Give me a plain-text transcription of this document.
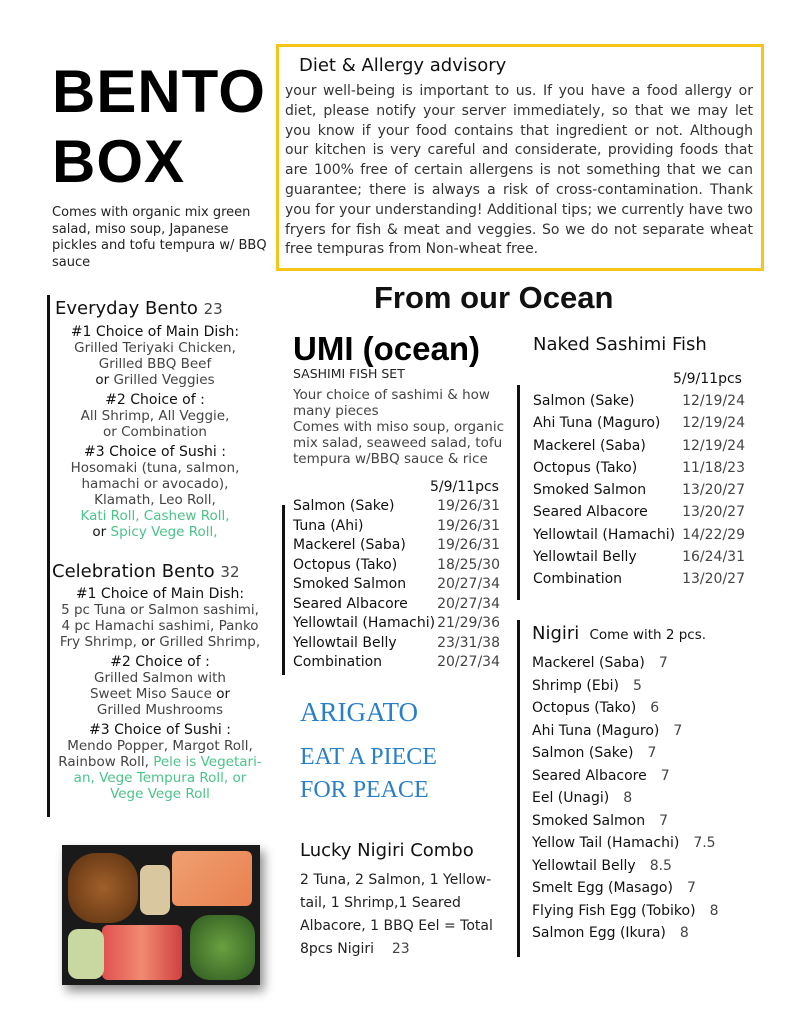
BENTO
BOX
Comes with organic mix green salad, miso soup, Japanese pickles and tofu tempura w/ BBQ sauce
Diet & Allergy advisory
your well-being is important to us. If you have a food allergy or diet, please notify your server immediately, so that we may let you know if your food contains that ingredient or not. Although our kitchen is very careful and considerate, providing foods that are 100% free of certain allergens is not something that we can guarantee; there is always a risk of cross-contamination. Thank you for your understanding! Additional tips; we currently have two fryers for fish & meat and veggies. So we do not separate wheat free tempuras from Non-wheat free.
Everyday Bento 23
#1 Choice of Main Dish:
Grilled Teriyaki Chicken,
Grilled BBQ Beef
or Grilled Veggies
#2 Choice of :
All Shrimp, All Veggie,
or Combination
#3 Choice of Sushi :
Hosomaki (tuna, salmon,
hamachi or avocado),
Klamath, Leo Roll,
Kati Roll, Cashew Roll,
or Spicy Vege Roll,
Celebration Bento 32
#1 Choice of Main Dish:
5 pc Tuna or Salmon sashimi,
4 pc Hamachi sashimi, Panko
Fry Shrimp, or Grilled Shrimp,
#2 Choice of :
Grilled Salmon with
Sweet Miso Sauce or
Grilled Mushrooms
#3 Choice of Sushi :
Mendo Popper, Margot Roll,
Rainbow Roll, Pele is Vegetari-
an, Vege Tempura Roll, or
Vege Vege Roll
From our Ocean
UMI (ocean)
SASHIMI FISH SET
Your choice of sashimi & how many pieces
Comes with miso soup, organic mix salad, seaweed salad, tofu tempura w/BBQ sauce & rice
5/9/11pcs
Salmon (Sake)	19/26/31
Tuna (Ahi)	19/26/31
Mackerel (Saba) 19/26/31
Octopus (Tako)	18/25/30
Smoked Salmon 20/27/34
Seared Albacore 20/27/34
Yellowtail (Hamachi) 21/29/36
Yellowtail Belly	23/31/38
Combination	20/27/34
ARIGATO
EAT A PIECE
FOR PEACE
Lucky Nigiri Combo
2 Tuna, 2 Salmon, 1 Yellow-tail, 1 Shrimp,1 Seared Albacore, 1 BBQ Eel = Total 8pcs Nigiri 23
Naked Sashimi Fish
5/9/11pcs
Salmon (Sake)	12/19/24
Ahi Tuna (Maguro) 12/19/24
Mackerel (Saba)	12/19/24
Octopus (Tako)	11/18/23
Smoked Salmon	13/20/27
Seared Albacore 13/20/27
Yellowtail (Hamachi) 14/22/29
Yellowtail Belly	16/24/31
Combination	13/20/27
Nigiri Come with 2 pcs.
Mackerel (Saba) 7
Shrimp (Ebi) 5
Octopus (Tako) 6
Ahi Tuna (Maguro) 7
Salmon (Sake) 7
Seared Albacore 7
Eel (Unagi) 8
Smoked Salmon 7
Yellow Tail (Hamachi) 7.5
Yellowtail Belly 8.5
Smelt Egg (Masago) 7
Flying Fish Egg (Tobiko) 8
Salmon Egg (Ikura) 8
